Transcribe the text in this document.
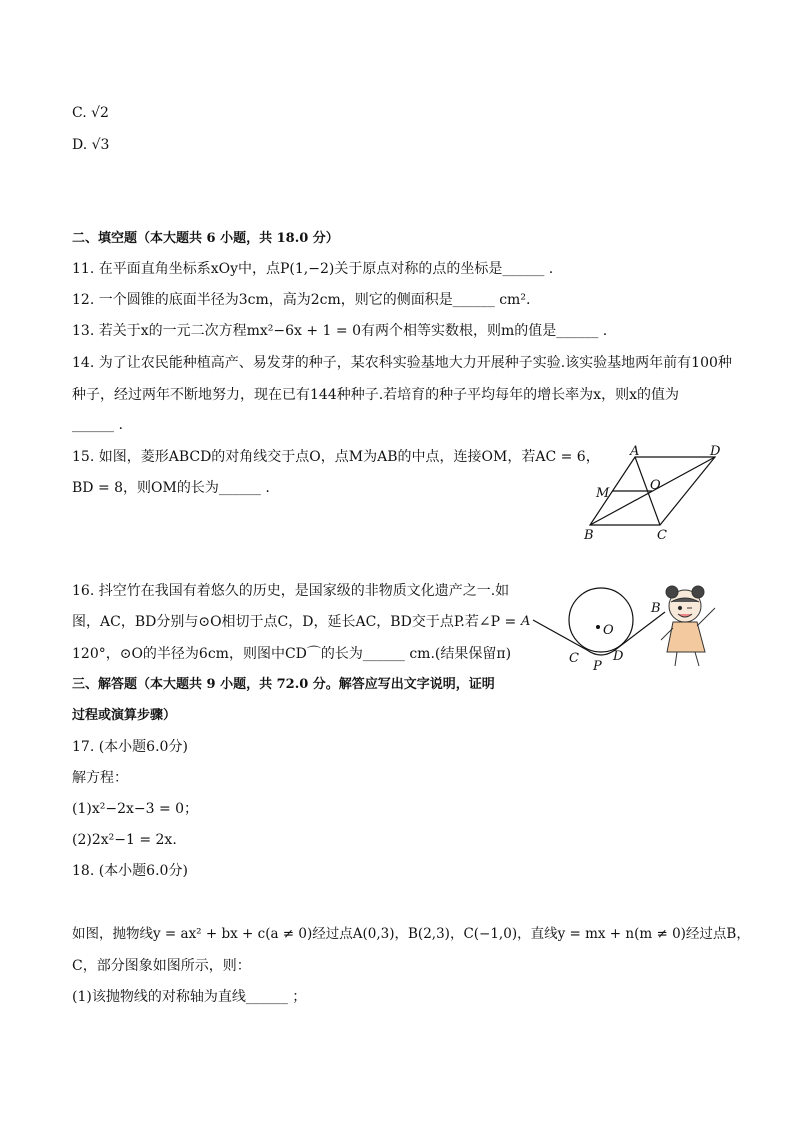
C. √2
D. √3
二、填空题（本大题共 6 小题，共 18.0 分）
11. 在平面直角坐标系xOy中，点P(1,−2)关于原点对称的点的坐标是______ .
12. 一个圆锥的底面半径为3cm，高为2cm，则它的侧面积是______ cm².
13. 若关于x的一元二次方程mx²−6x + 1 = 0有两个相等实数根，则m的值是______ .
14. 为了让农民能种植高产、易发芽的种子，某农科实验基地大力开展种子实验.该实验基地两年前有100种
种子，经过两年不断地努力，现在已有144种种子.若培育的种子平均每年的增长率为x，则x的值为
______ .
15. 如图，菱形ABCD的对角线交于点O，点M为AB的中点，连接OM，若AC = 6，
BD = 8，则OM的长为______ .
A	D
M
O
B	C
16. 抖空竹在我国有着悠久的历史，是国家级的非物质文化遗产之一.如
图，AC，BD分别与⊙O相切于点C，D，延长AC，BD交于点P.若∠P =
120°，⊙O的半径为6cm，则图中CD⌒的长为______ cm.(结果保留π)
A
B
O
C	D
P
三、解答题（本大题共 9 小题，共 72.0 分。解答应写出文字说明，证明
过程或演算步骤）
17. (本小题6.0分)
解方程：
(1)x²−2x−3 = 0；
(2)2x²−1 = 2x.
18. (本小题6.0分)
如图，抛物线y = ax² + bx + c(a ≠ 0)经过点A(0,3)，B(2,3)，C(−1,0)，直线y = mx + n(m ≠ 0)经过点B，
C，部分图象如图所示，则：
(1)该抛物线的对称轴为直线______ ；
